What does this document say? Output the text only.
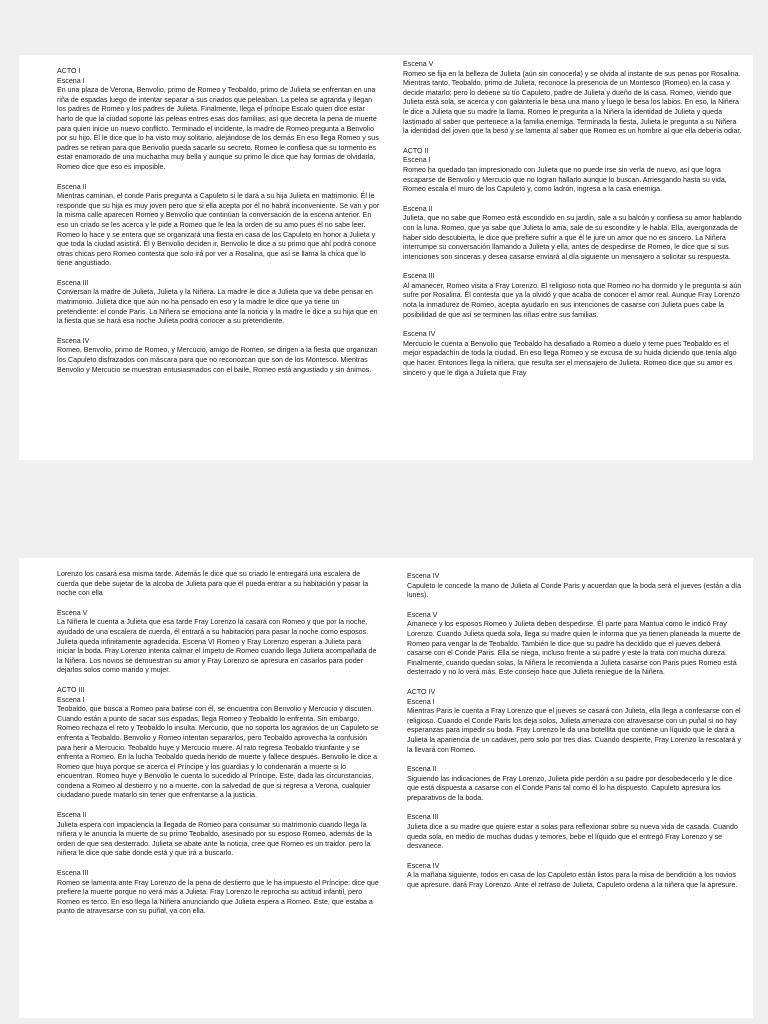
ACTO I
Escena I

En una plaza de Verona, Benvolio, primo de Romeo y Teobaldo, primo de Julieta se enfrentan en una riña de espadas luego de intentar separar a sus criados que peleaban. La pelea se agranda y llegan los padres de Romeo y los padres de Julieta. Finalmente, llega el príncipe Escalo quien dice estar harto de que la ciudad soporte las peleas entres esas dos familias, así que decreta la pena de muerte para quien inicie un nuevo conflicto. Terminado el incidente, la madre de Romeo pregunta a Benvolio por su hijo. Él le dice que lo ha visto muy solitario, alejándose de los demás En eso llega Romeo y sus padres se retiran para que Benvolio pueda sacarle su secreto. Romeo le confiesa que su tormento es estar enamorado de una muchacha muy bella y aunque su primo le dice que hay formas de olvidarla, Romeo dice que eso es imposible.

Escena II

Mientras caminan, el conde Paris pregunta a Capuleto si le dará a su hija Julieta en matrimonio. Él le responde que su hija es muy joven pero que si ella acepta por él no habrá inconveniente. Se van y por la misma calle aparecen Romeo y Benvolio que continúan la conversación de la escena anterior. En eso un criado se les acerca y le pide a Romeo que le lea la orden de su amo pues él no sabe leer. Romeo lo hace y se entera que se organizará una fiesta en casa de los Capuleto en honor a Julieta y que toda la ciudad asistirá. Él y Benvolio deciden ir, Benvolio le dice a su primo que ahí podrá conoce otras chicas pero Romeo contesta que solo irá por ver a Rosalina, que así se llama la chica que lo tiene angustiado.

Escena III

Conversan la madre de Julieta, Julieta y la Niñera. La madre le dice a Julieta que va debe pensar en matrimonio. Julieta dice que aún no ha pensado en eso y la madre le dice que ya tiene un pretendiente: el conde Paris. La Niñera se emociona ante la noticia y la madre le dice a su hija que en la fiesta que se hará esa noche Julieta podrá conocer a su pretendiente.

Escena IV

Romeo, Benvolio, primo de Romeo, y Mercucio, amigo de Romeo, se dirigen a la fiesta que organizan los Capuleto disfrazados con máscara para que no reconozcan que son de los Montesco. Mientras Benvolio y Mercucio se muestran entusiasmados con el baile, Romeo está angustiado y sin ánimos.

Escena V

Romeo se fija en la belleza de Julieta (aún sin conocerla) y se olvida al instante de sus penas por Rosalina. Mientras tanto, Teobaldo, primo de Julieta, reconoce la presencia de un Montesco (Romeo) en la casa y decide matarlo; pero lo detiene su tío Capuleto, padre de Julieta y dueño de la casa. Romeo, viendo que Julieta está sola, se acerca y con galantería le besa una mano y luego le besa los labios. En eso, la Niñera le dice a Julieta que su madre la llama. Romeo le pregunta a la Niñera la identidad de Julieta y queda lastimado al saber que pertenece a la familia enemiga. Terminada la fiesta, Julieta le pregunta a su Niñera la identidad del joven que la besó y se lamenta al saber que Romeo es un hombre al que ella debería odiar.

ACTO II
Escena I

Romeo ha quedado tan impresionado con Julieta que no puede irse sin verla de nuevo, así que logra escaparse de Benvolio y Mercucio que no logran hallarlo aunque lo buscan. Arriesgando hasta su vida, Romeo escala el muro de los Capuleto y, como ladrón, ingresa a la casa enemiga.

Escena II

Julieta, que no sabe que Romeo está escondido en su jardín, sale a su balcón y confiesa su amor hablando con la luna. Romeo, que ya sabe que Julieta lo ama, sale de su escondite y le habla. Ella, avergonzada de haber sido descubierta, le dice que prefiere sufrir a que él le jure un amor que no es sincero. La Niñera interrumpe su conversación llamando a Julieta y ella, antes de despedirse de Romeo, le dice que si sus intenciones son sinceras y desea casarse enviará al día siguiente un mensajero a solicitar su respuesta.

Escena III

Al amanecer, Romeo visita a Fray Lorenzo. El religioso nota que Romeo no ha dormido y le pregunta si aún sufre por Rosalina. Él contesta que ya la olvidó y que acaba de conocer el amor real. Aunque Fray Lorenzo nota la inmadurez de Romeo, acepta ayudarlo en sus intenciones de casarse con Julieta pues cabe la posibilidad de que así se terminen las riñas entre sus familias.

Escena IV

Mercucio le cuenta a Benvolio que Teobaldo ha desafiado a Romeo a duelo y teme pues Teobaldo es el mejor espadachín de toda la ciudad. En eso llega Romeo y se excusa de su huida diciendo que tenía algo que hacer. Entonces llega la niñera, que resulta ser el mensajero de Julieta. Romeo dice que su amor es sincero y que le diga a Julieta que Fray

Lorenzo los casará esa misma tarde. Además le dice que su criado le entregará una escalera de cuerda que debe sujetar de la alcoba de Julieta para que él pueda entrar a su habitación y pasar la noche con ella

Escena V

La Niñera le cuenta a Julieta que esa tarde Fray Lorenzo la casará con Romeo y que por la noche, ayudado de una escalera de cuerda, él entrará a su habitación para pasar la noche como esposos. Julieta queda infinitamente agradecida. Escena VI Romeo y Fray Lorenzo esperan a Julieta para iniciar la boda. Fray Lorenzo intenta calmar el ímpetu de Romeo cuando llega Julieta acompañada de la Niñera. Los novios se demuestran su amor y Fray Lorenzo se apresura en casarlos para poder dejarlos solos como marido y mujer.

ACTO III
Escena I

Teobaldo, que busca a Romeo para batirse con él, se encuentra con Benvolio y Mercucio y discuten. Cuando están a punto de sacar sus espadas, llega Romeo y Teobaldo lo enfrenta. Sin embargo, Romeo rechaza el reto y Teobaldo lo insulta. Mercucio, que no soporta los agravios de un Capuleto se enfrenta a Teobaldo. Benvolio y Romeo intentan separarlos, pero Teobaldo aprovecha la confusión para herir a Mercucio. Teobaldo huye y Mercucio muere. Al rato regresa Teobaldo triunfante y se enfrenta a Romeo. En la lucha Teobaldo queda herido de muerte y fallece después. Benvolio le dice a Romeo que huya porque se acerca el Príncipe y los guardias y lo condenarán a muerte si lo encuentran. Romeo huye y Benvolio le cuenta lo sucedido al Príncipe. Este, dada las circunstancias, condena a Romeo al destierro y no a muerte. con la salvedad de que si regresa a Verona, cualquier ciudadano puede matarlo sin tener que enfrentarse a la justicia.

Escena II

Julieta espera con impaciencia la llegada de Romeo para consumar su matrimonio cuando llega la niñera y le anuncia la muerte de su primo Teobaldo, asesinado por su esposo Romeo, además de la orden de que sea desterrado. Julieta se abate ante la noticia, cree que Romeo es un traidor. pero la niñera le dice que sabe donde está y que irá a buscarlo.

Escena III

Romeo se lamenta ante Fray Lorenzo de la pena de destierro que le ha impuesto el Príncipe: dice que prefiere la muerte porque no verá más a Julieta. Fray Lorenzo le reprocha su actitud infantil, pero Romeo es terco. En eso llega la Niñera anunciando que Julieta espera a Romeo. Este, que estaba a punto de atravesarse con su puñal, va con ella.

Escena IV

Capuleto le concede la mano de Julieta al Conde Paris y acuerdan que la boda será el jueves (están a día lunes).

Escena V

Amanece y los esposos Romeo y Julieta deben despedirse. Él parte para Mantua como le indicó Fray Lorenzo. Cuando Julieta queda sola, llega su madre quien le informa que ya tienen planeada la muerte de Romeo para vengar la de Teobaldo. También le dice que su padre ha decidido que el jueves deberá casarse con el Conde Paris. Ella se niega, incluso frente a su padre y este la trata con mucha dureza. Finalmente, cuando quedan solas, la Niñera le recomienda a Julieta casarse con Paris pues Romeo está desterrado y no lo verá más. Este consejo hace que Julieta reniegue de la Niñera.

ACTO IV
Escena I

Mientras Paris le cuenta a Fray Lorenzo que el jueves se casará con Julieta, ella llega a confesarse con el religioso. Cuando el Conde Paris los deja solos, Julieta amenaza con atravesarse con un puñal si no hay esperanzas para impedir su boda. Fray Lorenzo le da una botellita que contiene un líquido que le dará a Julieta la apariencia de un cadáver, pero solo por tres días. Cuando despierte, Fray Lorenzo la rescatará y la llevará con Romeo.

Escena II

Siguiendo las indicaciones de Fray Lorenzo, Julieta pide perdón a su padre por desobedecerlo y le dice que está dispuesta a casarse con el Conde Paris tal como él lo ha dispuesto. Capuleto apresura los preparativos de la boda.

Escena III

Julieta dice a su madre que quiere estar a solas para reflexionar sobre su nueva vida de casada. Cuando queda sola, en medio de muchas dudas y temores, bebe el líquido que el entregó Fray Lorenzo y se desvanece.

Escena IV

A la mañana siguiente, todos en casa de los Capuleto están listos para la misa de bendición a los novios que apresure. dará Fray Lorenzo. Ante el retraso de Julieta, Capuleto ordena a la niñera que la apresure.
